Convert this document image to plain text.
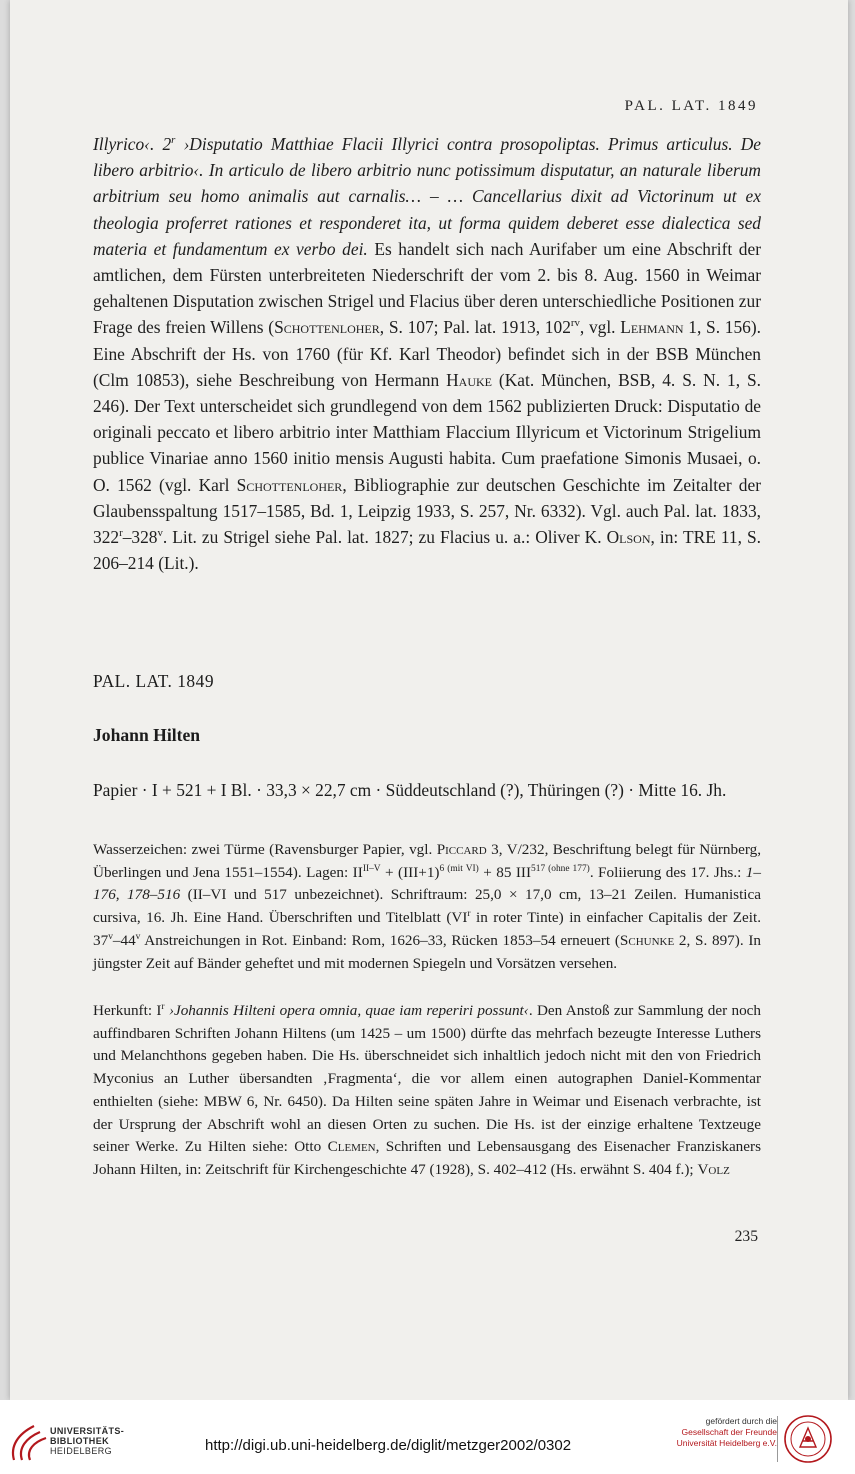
PAL. LAT. 1849
Illyrico‹. 2$^r$ ›Disputatio Matthiae Flacii Illyrici contra prosopoliptas. Primus articulus. De libero arbitrio‹. In articulo de libero arbitrio nunc potissimum disputatur, an naturale liberum arbitrium seu homo animalis aut carnalis… – … Cancellarius dixit ad Victorinum ut ex theologia proferret rationes et responderet ita, ut forma quidem deberet esse dialectica sed materia et fundamentum ex verbo dei. Es handelt sich nach Aurifaber um eine Abschrift der amtlichen, dem Fürsten unterbreiteten Niederschrift der vom 2. bis 8. Aug. 1560 in Weimar gehaltenen Disputation zwischen Strigel und Flacius über deren unterschiedliche Positionen zur Frage des freien Willens (Schottenloher, S. 107; Pal. lat. 1913, $102^{rv}$, vgl. Lehmann 1, S. 156). Eine Abschrift der Hs. von 1760 (für Kf. Karl Theodor) befindet sich in der BSB München (Clm 10853), siehe Beschreibung von Hermann Hauke (Kat. München, BSB, 4. S. N. 1, S. 246). Der Text unterscheidet sich grundlegend von dem 1562 publizierten Druck: Disputatio de originali peccato et libero arbitrio inter Matthiam Flaccium Illyricum et Victorinum Strigelium publice Vinariae anno 1560 initio mensis Augusti habita. Cum praefatione Simonis Musaei, o. O. 1562 (vgl. Karl Schottenloher, Bibliographie zur deutschen Geschichte im Zeitalter der Glaubensspaltung 1517–1585, Bd. 1, Leipzig 1933, S. 257, Nr. 6332). Vgl. auch Pal. lat. 1833, 322$^r$–328$^v$. Lit. zu Strigel siehe Pal. lat. 1827; zu Flacius u. a.: Oliver K. Olson, in: TRE 11, S. 206–214 (Lit.).
PAL. LAT. 1849
Johann Hilten
Papier · I + 521 + I Bl. · 33,3 × 22,7 cm · Süddeutschland (?), Thüringen (?) · Mitte 16. Jh.
Wasserzeichen: zwei Türme (Ravensburger Papier, vgl. Piccard 3, V/232, Beschriftung belegt für Nürnberg, Überlingen und Jena 1551–1554). Lagen: $II^{II-V} + (III+1)^{6 (mit VI)} + 85$ $III^{517 (ohne 177)}$. Foliierung des 17. Jhs.: 1–176, 178–516 (II–VI und 517 unbezeichnet). Schriftraum: 25,0 × 17,0 cm, 13–21 Zeilen. Humanistica cursiva, 16. Jh. Eine Hand. Überschriften und Titelblatt ($VI^r$ in roter Tinte) in einfacher Capitalis der Zeit. 37$^v$–44$^v$ Anstreichungen in Rot. Einband: Rom, 1626–33, Rücken 1853–54 erneuert (Schunke 2, S. 897). In jüngster Zeit auf Bänder geheftet und mit modernen Spiegeln und Vorsätzen versehen.
Herkunft: $I^r$ ›Johannis Hilteni opera omnia, quae iam reperiri possunt‹. Den Anstoß zur Sammlung der noch auffindbaren Schriften Johann Hiltens (um 1425 – um 1500) dürfte das mehrfach bezeugte Interesse Luthers und Melanchthons gegeben haben. Die Hs. überschneidet sich inhaltlich jedoch nicht mit den von Friedrich Myconius an Luther übersandten ‚Fragmenta‘, die vor allem einen autographen Daniel-Kommentar enthielten (siehe: MBW 6, Nr. 6450). Da Hilten seine späten Jahre in Weimar und Eisenach verbrachte, ist der Ursprung der Abschrift wohl an diesen Orten zu suchen. Die Hs. ist der einzige erhaltene Textzeuge seiner Werke. Zu Hilten siehe: Otto Clemen, Schriften und Lebensausgang des Eisenacher Franziskaners Johann Hilten, in: Zeitschrift für Kirchengeschichte 47 (1928), S. 402–412 (Hs. erwähnt S. 404 f.); Volz
235
UNIVERSITÄTS-
BIBLIOTHEK
HEIDELBERG	http://digi.ub.uni-heidelberg.de/diglit/metzger2002/0302
gefördert durch die
Gesellschaft der Freunde
Universität Heidelberg e.V.
